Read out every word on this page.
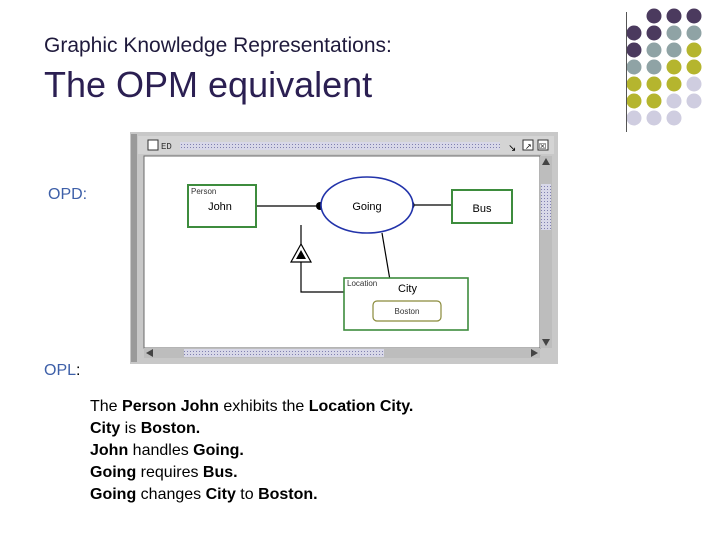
Graphic Knowledge Representations:
The OPM equivalent
OPD:
ED	↘ ↗ ☒
Person
John	Going	Bus
Location City
Boston
OPL:
The Person John exhibits the Location City.
City is Boston.
John handles Going.
Going requires Bus.
Going changes City to Boston.
